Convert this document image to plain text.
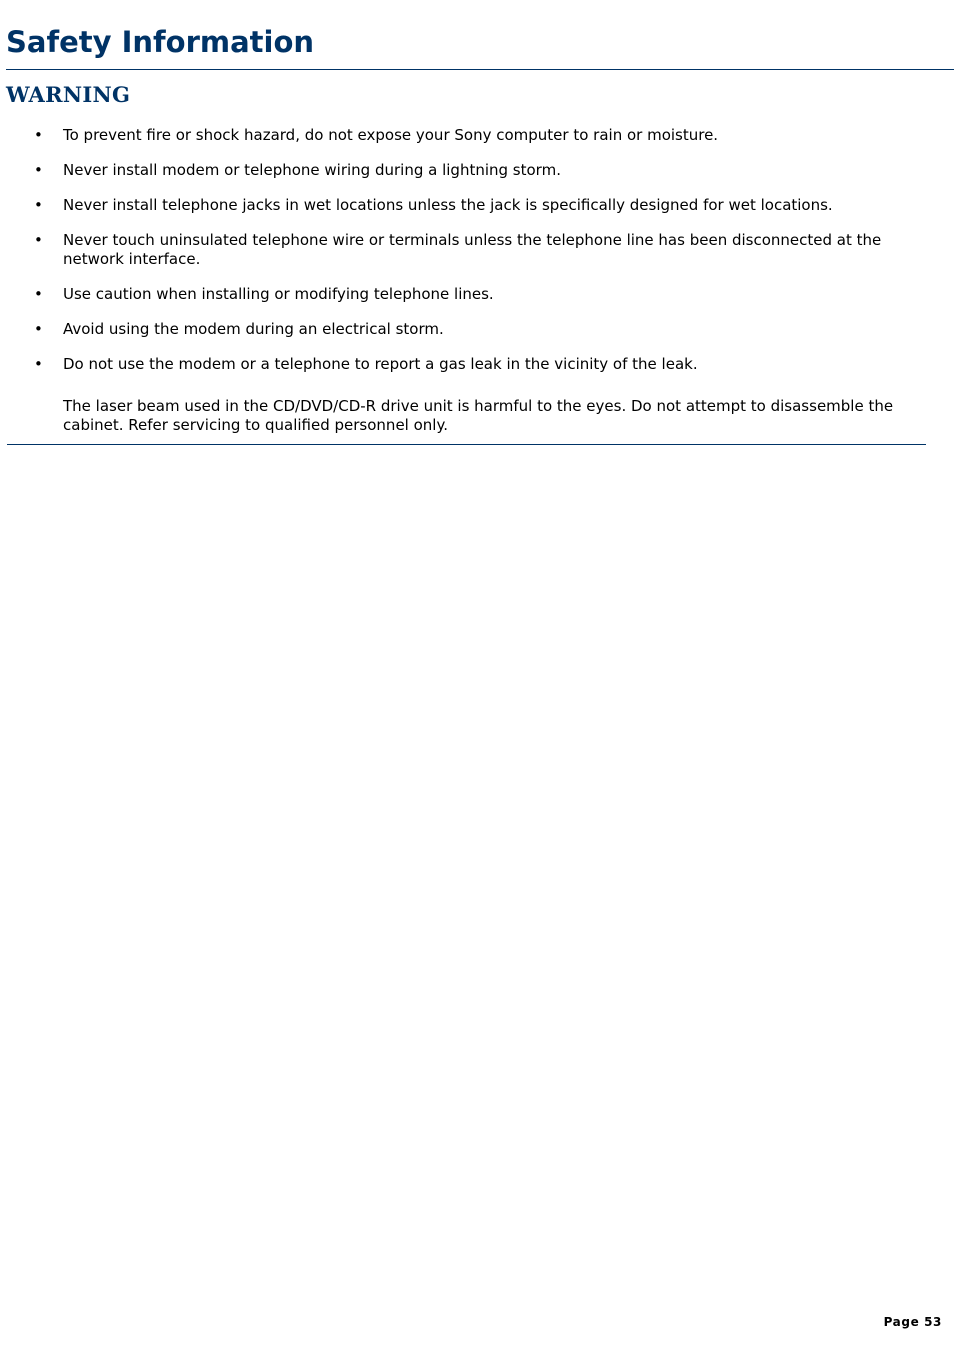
Safety Information
WARNING
• To prevent fire or shock hazard, do not expose your Sony computer to rain or moisture.
• Never install modem or telephone wiring during a lightning storm.
• Never install telephone jacks in wet locations unless the jack is specifically designed for wet locations.
• Never touch uninsulated telephone wire or terminals unless the telephone line has been disconnected at the network interface.
• Use caution when installing or modifying telephone lines.
• Avoid using the modem during an electrical storm.
• Do not use the modem or a telephone to report a gas leak in the vicinity of the leak.

The laser beam used in the CD/DVD/CD-R drive unit is harmful to the eyes. Do not attempt to disassemble the cabinet. Refer servicing to qualified personnel only.

Page 53
